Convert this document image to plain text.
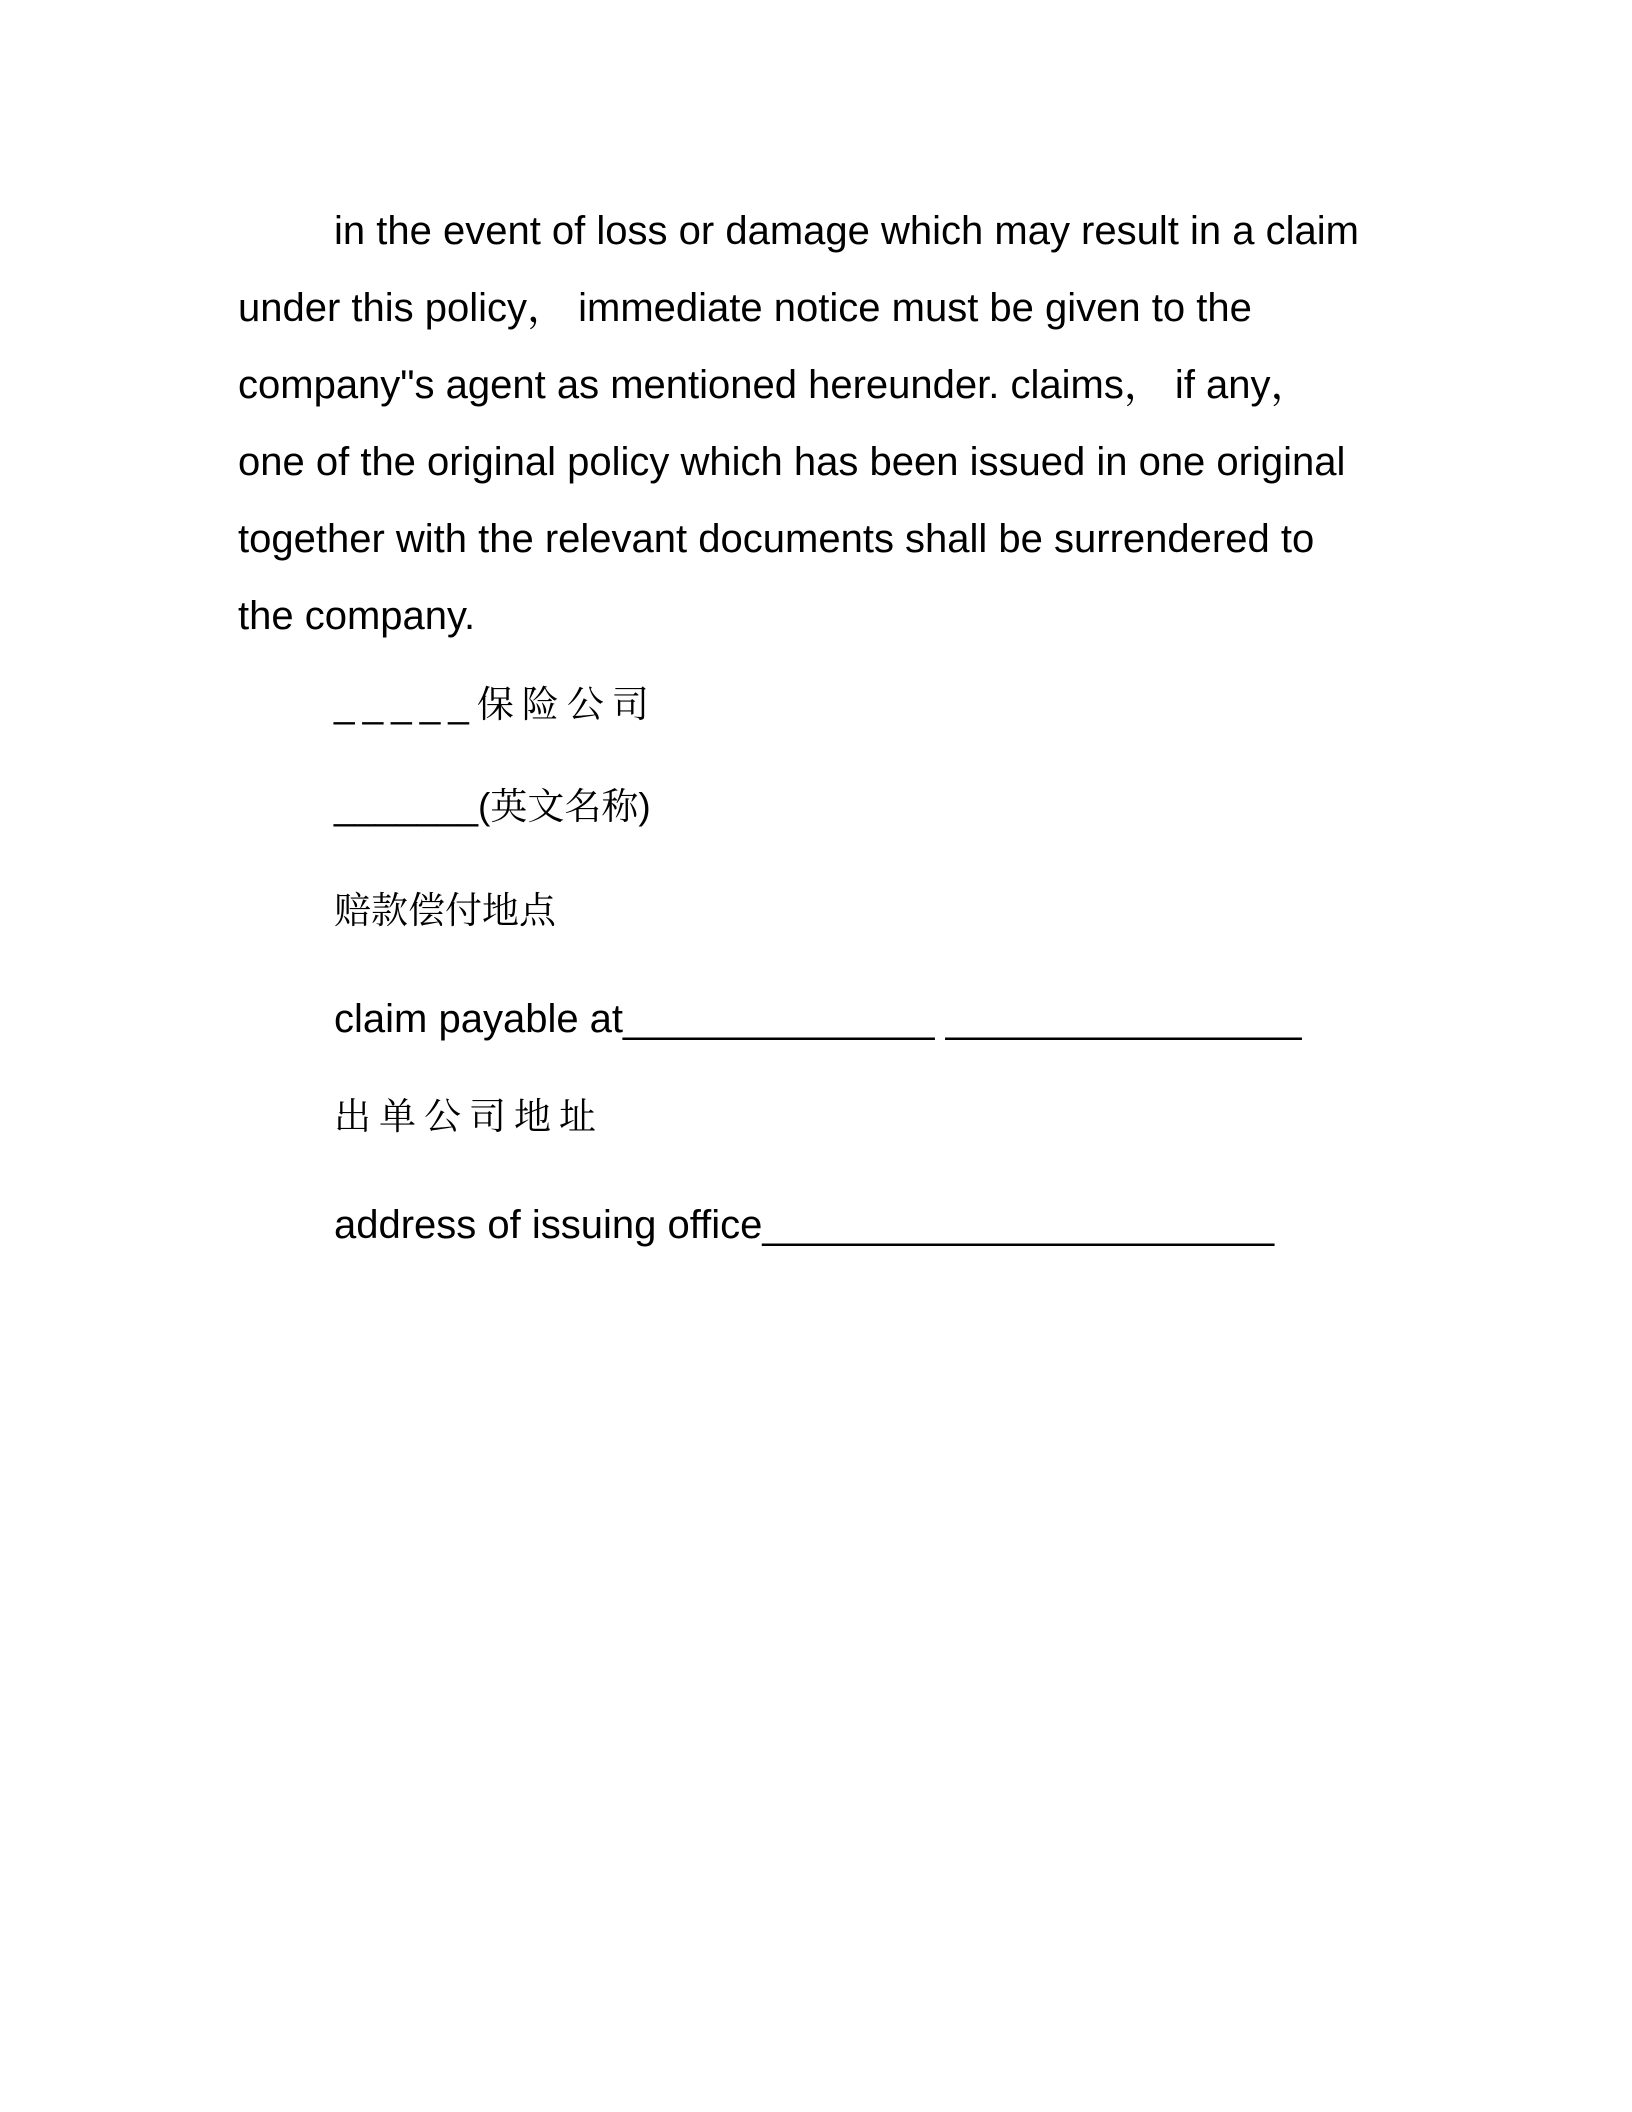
in the event of loss or damage which may result in a claim
under this policy， immediate notice must be given to the
company"s agent as mentioned hereunder. claims， if any，
one of the original policy which has been issued in one original
together with the relevant documents shall be surrendered to
the company.

_____保险公司

_______(英文名称)

赔款偿付地点

claim payable at______________ ________________

出单公司地址

address of issuing office_______________________
